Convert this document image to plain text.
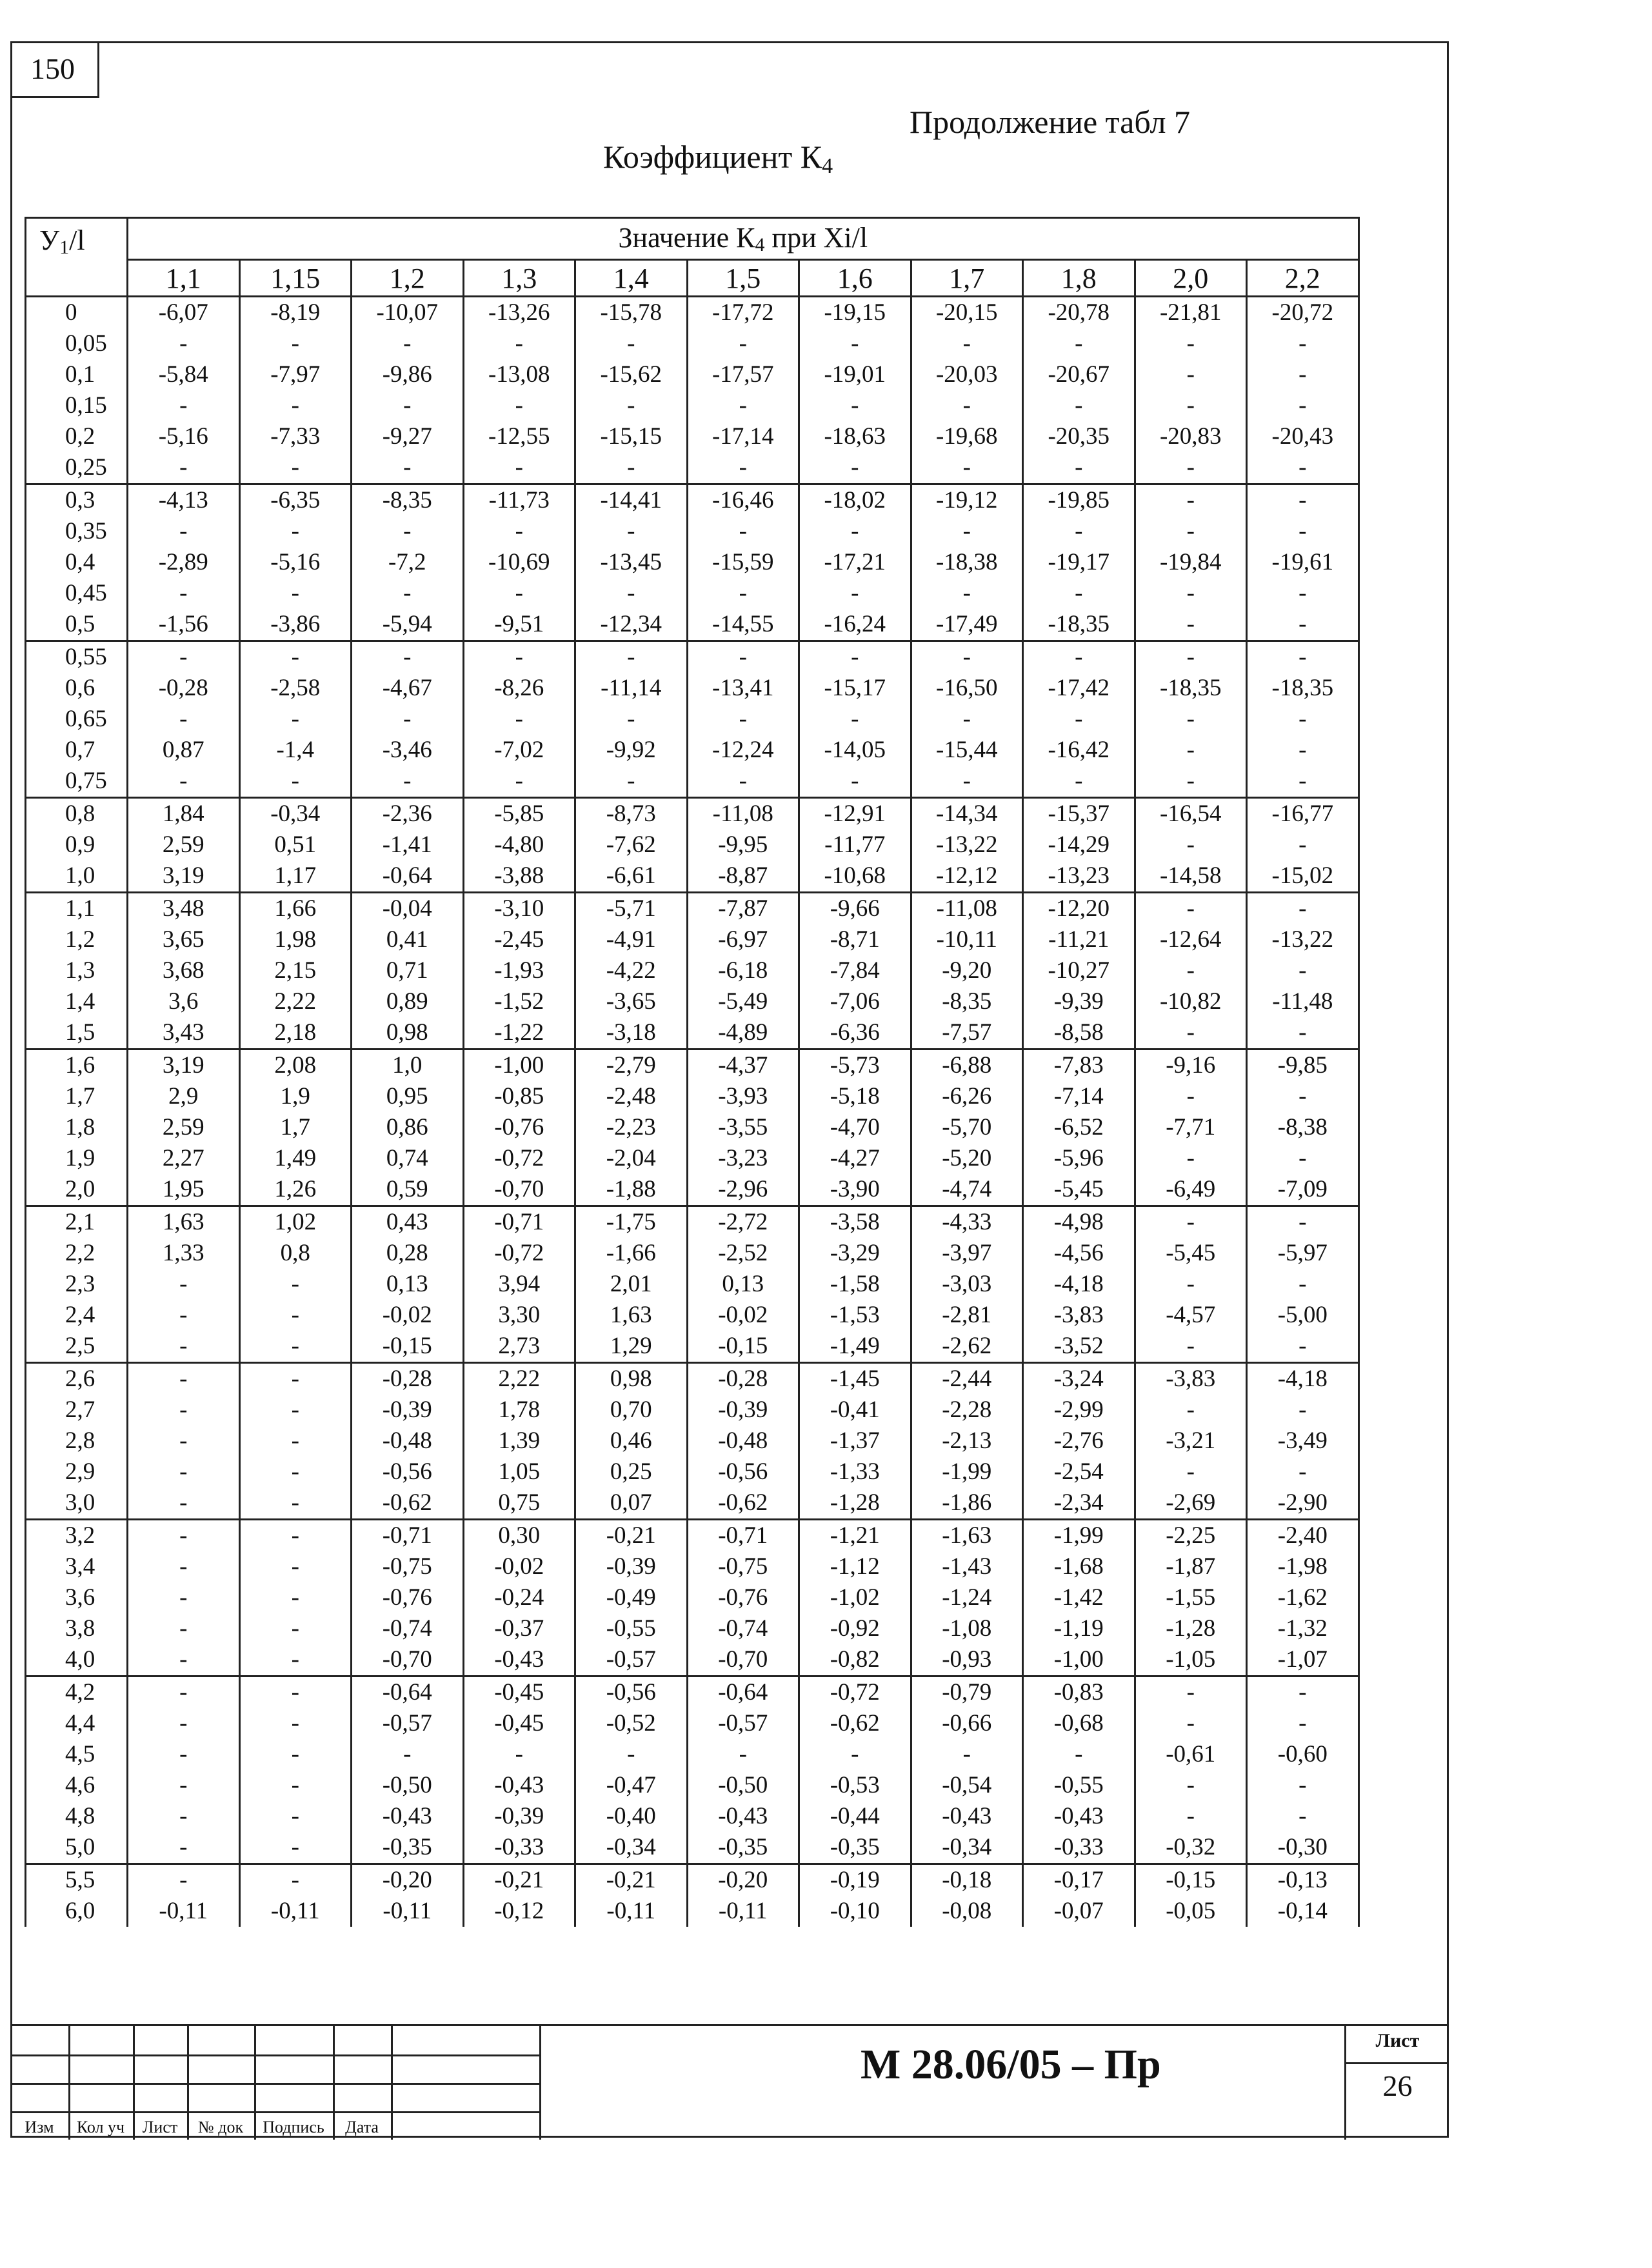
150
Продолжение табл 7
Коэффициент $К_4$
$У_1/l$	Значение $К_4$ при Хi/l										
	1,1	1,15	1,2	1,3	1,4	1,5	1,6	1,7	1,8	2,0	2,2
0	-6,07	-8,19	-10,07	-13,26	-15,78	-17,72	-19,15	-20,15	-20,78	-21,81	-20,72
0,05	-	-	-	-	-	-	-	-	-	-	-
0,1	-5,84	-7,97	-9,86	-13,08	-15,62	-17,57	-19,01	-20,03	-20,67	-	-
0,15	-	-	-	-	-	-	-	-	-	-	-
0,2	-5,16	-7,33	-9,27	-12,55	-15,15	-17,14	-18,63	-19,68	-20,35	-20,83	-20,43
0,25	-	-	-	-	-	-	-	-	-	-	-
0,3	-4,13	-6,35	-8,35	-11,73	-14,41	-16,46	-18,02	-19,12	-19,85	-	-
0,35	-	-	-	-	-	-	-	-	-	-	-
0,4	-2,89	-5,16	-7,2	-10,69	-13,45	-15,59	-17,21	-18,38	-19,17	-19,84	-19,61
0,45	-	-	-	-	-	-	-	-	-	-	-
0,5	-1,56	-3,86	-5,94	-9,51	-12,34	-14,55	-16,24	-17,49	-18,35	-	-
0,55	-	-	-	-	-	-	-	-	-	-	-
0,6	-0,28	-2,58	-4,67	-8,26	-11,14	-13,41	-15,17	-16,50	-17,42	-18,35	-18,35
0,65	-	-	-	-	-	-	-	-	-	-	-
0,7	0,87	-1,4	-3,46	-7,02	-9,92	-12,24	-14,05	-15,44	-16,42	-	-
0,75	-	-	-	-	-	-	-	-	-	-	-
0,8	1,84	-0,34	-2,36	-5,85	-8,73	-11,08	-12,91	-14,34	-15,37	-16,54	-16,77
0,9	2,59	0,51	-1,41	-4,80	-7,62	-9,95	-11,77	-13,22	-14,29	-	-
1,0	3,19	1,17	-0,64	-3,88	-6,61	-8,87	-10,68	-12,12	-13,23	-14,58	-15,02
1,1	3,48	1,66	-0,04	-3,10	-5,71	-7,87	-9,66	-11,08	-12,20	-	-
1,2	3,65	1,98	0,41	-2,45	-4,91	-6,97	-8,71	-10,11	-11,21	-12,64	-13,22
1,3	3,68	2,15	0,71	-1,93	-4,22	-6,18	-7,84	-9,20	-10,27	-	-
1,4	3,6	2,22	0,89	-1,52	-3,65	-5,49	-7,06	-8,35	-9,39	-10,82	-11,48
1,5	3,43	2,18	0,98	-1,22	-3,18	-4,89	-6,36	-7,57	-8,58	-	-
1,6	3,19	2,08	1,0	-1,00	-2,79	-4,37	-5,73	-6,88	-7,83	-9,16	-9,85
1,7	2,9	1,9	0,95	-0,85	-2,48	-3,93	-5,18	-6,26	-7,14	-	-
1,8	2,59	1,7	0,86	-0,76	-2,23	-3,55	-4,70	-5,70	-6,52	-7,71	-8,38
1,9	2,27	1,49	0,74	-0,72	-2,04	-3,23	-4,27	-5,20	-5,96	-	-
2,0	1,95	1,26	0,59	-0,70	-1,88	-2,96	-3,90	-4,74	-5,45	-6,49	-7,09
2,1	1,63	1,02	0,43	-0,71	-1,75	-2,72	-3,58	-4,33	-4,98	-	-
2,2	1,33	0,8	0,28	-0,72	-1,66	-2,52	-3,29	-3,97	-4,56	-5,45	-5,97
2,3	-	-	0,13	3,94	2,01	0,13	-1,58	-3,03	-4,18	-	-
2,4	-	-	-0,02	3,30	1,63	-0,02	-1,53	-2,81	-3,83	-4,57	-5,00
2,5	-	-	-0,15	2,73	1,29	-0,15	-1,49	-2,62	-3,52	-	-
2,6	-	-	-0,28	2,22	0,98	-0,28	-1,45	-2,44	-3,24	-3,83	-4,18
2,7	-	-	-0,39	1,78	0,70	-0,39	-0,41	-2,28	-2,99	-	-
2,8	-	-	-0,48	1,39	0,46	-0,48	-1,37	-2,13	-2,76	-3,21	-3,49
2,9	-	-	-0,56	1,05	0,25	-0,56	-1,33	-1,99	-2,54	-	-
3,0	-	-	-0,62	0,75	0,07	-0,62	-1,28	-1,86	-2,34	-2,69	-2,90
3,2	-	-	-0,71	0,30	-0,21	-0,71	-1,21	-1,63	-1,99	-2,25	-2,40
3,4	-	-	-0,75	-0,02	-0,39	-0,75	-1,12	-1,43	-1,68	-1,87	-1,98
3,6	-	-	-0,76	-0,24	-0,49	-0,76	-1,02	-1,24	-1,42	-1,55	-1,62
3,8	-	-	-0,74	-0,37	-0,55	-0,74	-0,92	-1,08	-1,19	-1,28	-1,32
4,0	-	-	-0,70	-0,43	-0,57	-0,70	-0,82	-0,93	-1,00	-1,05	-1,07
4,2	-	-	-0,64	-0,45	-0,56	-0,64	-0,72	-0,79	-0,83	-	-
4,4	-	-	-0,57	-0,45	-0,52	-0,57	-0,62	-0,66	-0,68	-	-
4,5	-	-	-	-	-	-	-	-	-	-0,61	-0,60
4,6	-	-	-0,50	-0,43	-0,47	-0,50	-0,53	-0,54	-0,55	-	-
4,8	-	-	-0,43	-0,39	-0,40	-0,43	-0,44	-0,43	-0,43	-	-
5,0	-	-	-0,35	-0,33	-0,34	-0,35	-0,35	-0,34	-0,33	-0,32	-0,30
5,5	-	-	-0,20	-0,21	-0,21	-0,20	-0,19	-0,18	-0,17	-0,15	-0,13
6,0	-0,11	-0,11	-0,11	-0,12	-0,11	-0,11	-0,10	-0,08	-0,07	-0,05	-0,14
Изм	Кол уч	Лист	№ док	Подпись	Дата
М 28.06/05 – Пр
Лист
26
